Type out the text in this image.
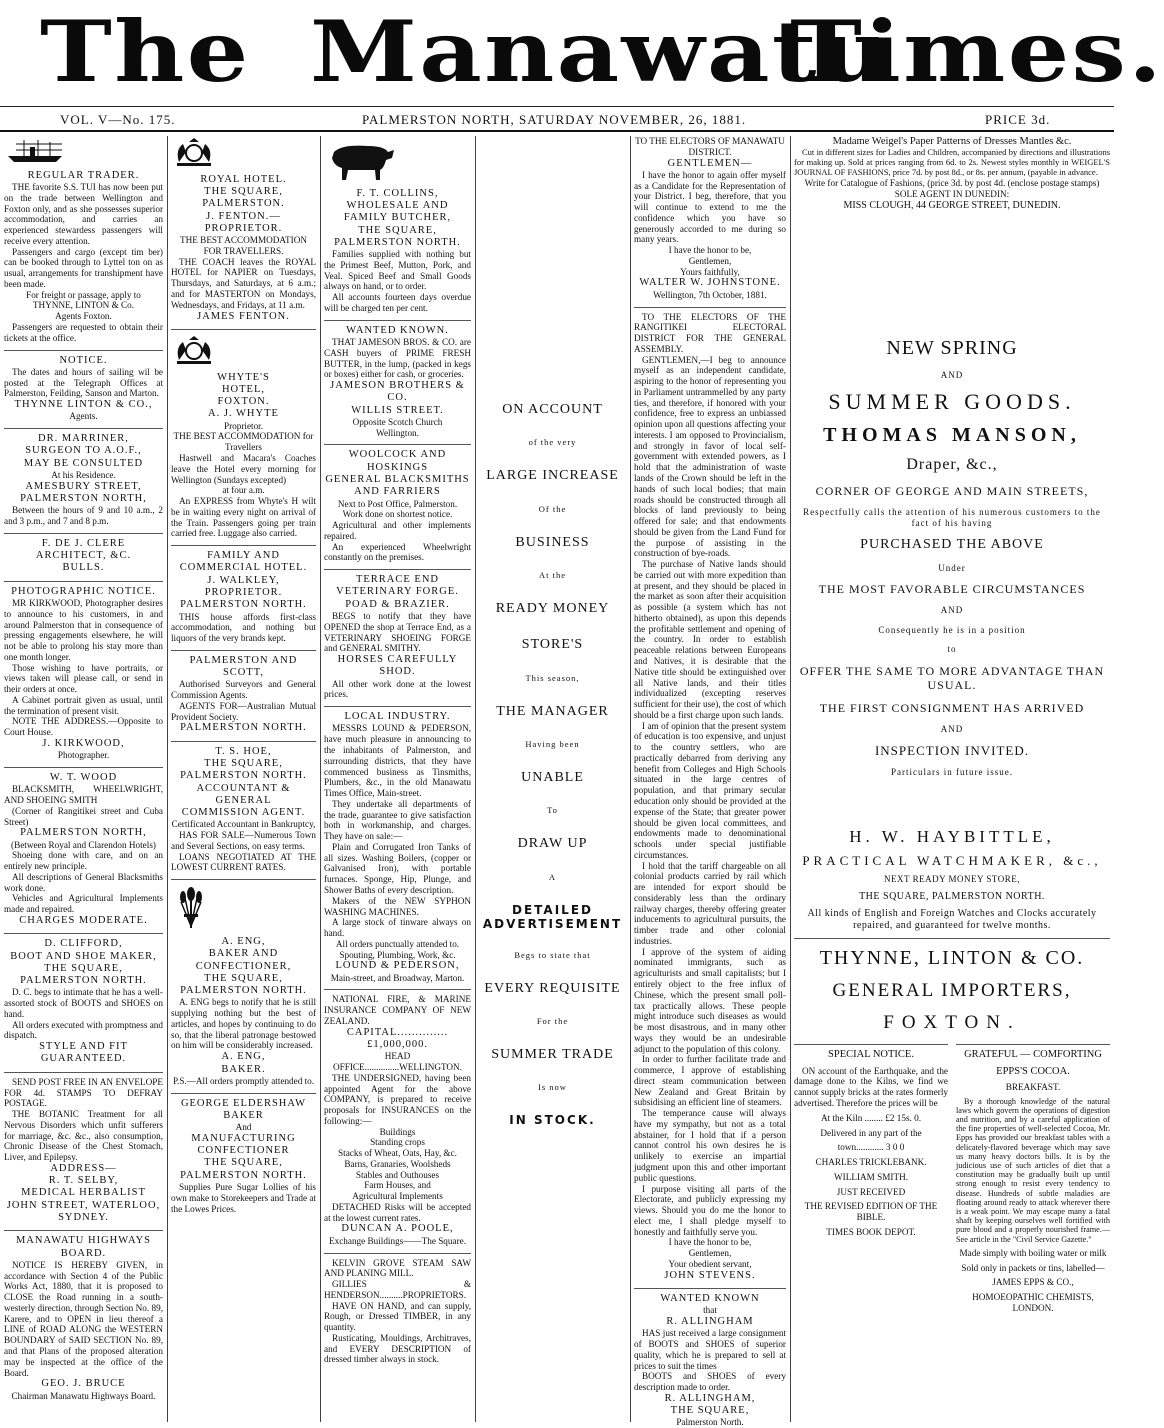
The Manawatu
Times.
VOL. V—No. 175.	PALMERSTON NORTH, SATURDAY NOVEMBER, 26, 1881.	PRICE 3d.
REGULAR TRADER.
THE favorite S.S. TUI has now been put on the trade between Wellington and Foxton only, and as she possesses superior accommodation, and carries an experienced stewardess passengers will receive every attention.
Passengers and cargo (except tim ber) can be booked through to Lyttel ton on as usual, arrangements for transhipment have been made.
For freight or passage, apply to
THYNNE, LINTON & Co.
Agents Foxton.
Passengers are requested to obtain their tickets at the office.
NOTICE.
The dates and hours of sailing wil be posted at the Telegraph Offices at Palmerston, Feilding, Sanson and Marton.
THYNNE LINTON & CO.,
Agents.
DR. MARRINER,
SURGEON TO A.O.F.,
MAY BE CONSULTED
At his Residence.
AMESBURY STREET,
PALMERSTON NORTH,
Between the hours of 9 and 10 a.m., 2 and 3 p.m., and 7 and 8 p.m.
F. DE J. CLERE
ARCHITECT, &C.
BULLS.
PHOTOGRAPHIC NOTICE.
MR KIRKWOOD, Photographer desires to announce to his customers, in and around Palmerston that in consequence of pressing engagements elsewhere, he will not be able to prolong his stay more than one month longer.
Those wishing to have portraits, or views taken will please call, or send in their orders at once.
A Cabinet portrait given as usual, until the termination of present visit.
NOTE THE ADDRESS.—Opposite to Court House.
J. KIRKWOOD,
Photographer.
W. T. WOOD
BLACKSMITH, WHEELWRIGHT, AND SHOEING SMITH
(Corner of Rangitikei street and Cuba Street)
PALMERSTON NORTH,
(Between Royal and Clarendon Hotels)
Shoeing done with care, and on an entirely new principle.
All descriptions of General Blacksmiths work done.
Vehicles and Agricultural Implements made and repaired.
CHARGES MODERATE.
D. CLIFFORD,
BOOT AND SHOE MAKER,
THE SQUARE,
PALMERSTON NORTH.
D. C. begs to intimate that he has a well-assorted stock of BOOTS and SHOES on hand.
All orders executed with promptness and dispatch.
STYLE AND FIT GUARANTEED.
SEND POST FREE IN AN ENVELOPE FOR 4d. STAMPS TO DEFRAY POSTAGE.
THE BOTANIC Treatment for all Nervous Disorders which unfit sufferers for marriage, &c. &c., also consumption, Chronic Disease of the Chest Stomach, Liver, and Epilepsy.
ADDRESS—
R. T. SELBY,
MEDICAL HERBALIST
JOHN STREET, WATERLOO, SYDNEY.
MANAWATU HIGHWAYS BOARD.
NOTICE IS HEREBY GIVEN, in accordance with Section 4 of the Public Works Act, 1880, that it is proposed to CLOSE the Road running in a south-westerly direction, through Section No. 89, Karere, and to OPEN in lieu thereof a LINE of ROAD ALONG the WESTERN BOUNDARY of SAID SECTION No. 89, and that Plans of the proposed alteration may be inspected at the office of the Board.
GEO. J. BRUCE
Chairman Manawatu Highways Board.
ROYAL HOTEL.
THE SQUARE,
PALMERSTON.
J. FENTON.—PROPRIETOR.
THE BEST ACCOMMODATION FOR TRAVELLERS.
THE COACH leaves the ROYAL HOTEL for NAPIER on Tuesdays, Thursdays, and Saturdays, at 6 a.m.; and for MASTERTON on Mondays, Wednesdays, and Fridays, at 11 a.m.
JAMES FENTON.
WHYTE'S
HOTEL,
FOXTON.
A. J. WHYTE
Proprietor.
THE BEST ACCOMMODATION for Travellers
Hastwell and Macara's Coaches leave the Hotel every morning for Wellington (Sundays excepted)
at four a.m.
An EXPRESS from Whyte's H wilt be in waiting every night on arrival of the Train. Passengers going per train carried free. Luggage also carried.
FAMILY AND
COMMERCIAL HOTEL.
J. WALKLEY,
PROPRIETOR.
PALMERSTON NORTH.
THIS house affords first-class accommodation, and nothing but liquors of the very brands kept.
PALMERSTON AND SCOTT,
Authorised Surveyors and General Commission Agents.
AGENTS FOR—Australian Mutual Provident Society.
PALMERSTON NORTH.
T. S. HOE,
THE SQUARE,
PALMERSTON NORTH.
ACCOUNTANT & GENERAL
COMMISSION AGENT.
Certificated Accountant in Bankruptcy,
HAS FOR SALE—Numerous Town and Several Sections, on easy terms.
LOANS NEGOTIATED AT THE LOWEST CURRENT RATES.
A. ENG,
BAKER AND CONFECTIONER,
THE SQUARE, PALMERSTON NORTH.
A. ENG begs to notify that he is still supplying nothing but the best of articles, and hopes by continuing to do so, that the liberal patronage bestowed on him will be considerably increased.
A. ENG,
BAKER.
P.S.—All orders promptly attended to.
GEORGE ELDERSHAW
BAKER
And
MANUFACTURING CONFECTIONER
THE SQUARE, PALMERSTON NORTH.
Supplies Pure Sugar Lollies of his own make to Storekeepers and Trade at the Lowes Prices.
F. T. COLLINS,
WHOLESALE AND FAMILY BUTCHER,
THE SQUARE,
PALMERSTON NORTH.
Families supplied with nothing but the Primest Beef, Mutton, Pork, and Veal. Spiced Beef and Small Goods always on hand, or to order.
All accounts fourteen days overdue will be charged ten per cent.
WANTED KNOWN.
THAT JAMESON BROS. & CO. are CASH buyers of PRIME FRESH BUTTER, in the lump, (packed in kegs or boxes) either for cash, or groceries.
JAMESON BROTHERS & CO.
WILLIS STREET.
Opposite Scotch Church
Wellington.
WOOLCOCK AND HOSKINGS
GENERAL BLACKSMITHS AND FARRIERS
Next to Post Office, Palmerston.
Work done on shortest notice.
Agricultural and other implements repaired.
An experienced Wheelwright constantly on the premises.
TERRACE END VETERINARY FORGE.
POAD & BRAZIER.
BEGS to notify that they have OPENED the shop at Terrace End, as a VETERINARY SHOEING FORGE and GENERAL SMITHY.
HORSES CAREFULLY SHOD.
All other work done at the lowest prices.
LOCAL INDUSTRY.
MESSRS LOUND & PEDERSON, have much pleasure in announcing to the inhabitants of Palmerston, and surrounding districts, that they have commenced business as Tinsmiths, Plumbers, &c., in the old Manawatu Times Office, Main-street.
They undertake all departments of the trade, guarantee to give satisfaction both in workmanship, and charges. They have on sale:—
Plain and Corrugated Iron Tanks of all sizes. Washing Boilers, (copper or Galvanised Iron), with portable furnaces. Sponge, Hip, Plunge, and Shower Baths of every description.
Makers of the NEW SYPHON WASHING MACHINES.
A large stock of tinware always on hand.
All orders punctually attended to.
Spouting, Plumbing, Work, &c.
LOUND & PEDERSON,
Main-street, and Broadway, Marton.
NATIONAL FIRE, & MARINE INSURANCE COMPANY OF NEW ZEALAND.
CAPITAL..............£1,000,000.
HEAD OFFICE...............WELLINGTON.
THE UNDERSIGNED, having been appointed Agent for the above COMPANY, is prepared to receive proposals for INSURANCES on the following:—
Buildings
Standing crops
Stacks of Wheat, Oats, Hay, &c.
Barns, Granaries, Woolsheds
Stables and Outhouses
Farm Houses, and
Agricultural Implements
DETACHED Risks will be accepted at the lowest current rates.
DUNCAN A. POOLE,
Exchange Buildings——The Square.
KELVIN GROVE STEAM SAW AND PLANING MILL.
GILLIES & HENDERSON..........PROPRIETORS.
HAVE ON HAND, and can supply, Rough, or Dressed TIMBER, in any quantity.
Rusticating, Mouldings, Architraves, and EVERY DESCRIPTION of dressed timber always in stock.
ON ACCOUNT
of the very
LARGE INCREASE
Of the
BUSINESS
At the
READY MONEY
STORE'S
This season,
THE MANAGER
Having been
UNABLE
To
DRAW UP
A
DETAILED ADVERTISEMENT
Begs to state that
EVERY REQUISITE
For the
SUMMER TRADE
Is now
IN STOCK.
TO THE ELECTORS OF MANAWATU DISTRICT.
GENTLEMEN—
I have the honor to again offer myself as a Candidate for the Representation of your District. I beg, therefore, that you will continue to extend to me the confidence which you have so generously accorded to me during so many years.
I have the honor to be,
Gentlemen,
Yours faithfully,
WALTER W. JOHNSTONE.
Wellington, 7th October, 1881.
TO THE ELECTORS OF THE RANGITIKEI ELECTORAL DISTRICT FOR THE GENERAL ASSEMBLY.
GENTLEMEN,—I beg to announce myself as an independent candidate, aspiring to the honor of representing you in Parliament untrammelled by any party ties, and therefore, if honored with your confidence, free to express an unbiassed opinion upon all questions affecting your interests. I am opposed to Provincialism, and strongly in favor of local self-government with extended powers, as I hold that the administration of waste lands of the Crown should be left in the hands of such local bodies; that main roads should be constructed through all blocks of land previously to being offered for sale; and that endowments should be given from the Land Fund for the purpose of assisting in the construction of bye-roads.
The purchase of Native lands should be carried out with more expedition than at present, and they should be placed in the market as soon after their acquisition as possible (a system which has not hitherto obtained), as upon this depends the profitable settlement and opening of the country. In order to establish peaceable relations between Europeans and Natives, it is desirable that the Native title should be extinguished over all Native lands, and their titles individualized (excepting reserves sufficient for their use), the cost of which should be a first charge upon such lands.
I am of opinion that the present system of education is too expensive, and unjust to the country settlers, who are practically debarred from deriving any benefit from Colleges and High Schools situated in the large centres of population, and that primary secular education only should be provided at the expense of the State; that greater power should be given local committees, and endowments made to denominational schools under special justifiable circumstances.
I hold that the tariff chargeable on all colonial products carried by rail which are intended for export should be considerably less than the ordinary railway charges, thereby offering greater inducements to agricultural pursuits, the timber trade and other colonial industries.
I approve of the system of aiding nominated immigrants, such as agriculturists and small capitalists; but I entirely object to the free influx of Chinese, which the present small poll-tax practically allows. These people might introduce such diseases as would be most disastrous, and in many other ways they would be an undesirable adjunct to the population of this colony.
In order to further facilitate trade and commerce, I approve of establishing direct steam communication between New Zealand and Great Britain by subsidising an efficient line of steamers.
The temperance cause will always have my sympathy, but not as a total abstainer, for I hold that if a person cannot control his own desires he is unlikely to exercise an impartial judgment upon this and other important public questions.
I purpose visiting all parts of the Electorate, and publicly expressing my views. Should you do me the honor to elect me, I shall pledge myself to honestly and faithfully serve you.
I have the honor to be,
Gentlemen,
Your obedient servant,
JOHN STEVENS.
WANTED KNOWN
that
R. ALLINGHAM
HAS just received a large consignment of BOOTS and SHOES of superior quality, which he is prepared to sell at prices to suit the times
BOOTS and SHOES of every description made to order.
R. ALLINGHAM,
THE SQUARE,
Palmerston North.
Madame Weigel's Paper Patterns of Dresses Mantles &c.
Cut in different sizes for Ladies and Children, accompanied by directions and illustrations for making up. Sold at prices ranging from 6d. to 2s. Newest styles monthly in WEIGEL'S JOURNAL OF FASHIONS, price 7d. by post 8d., or 8s. per annum, (payable in advance.
Write for Catalogue of Fashions, (price 3d. by post 4d. (enclose postage stamps)
SOLE AGENT IN DUNEDIN:
MISS CLOUGH, 44 GEORGE STREET, DUNEDIN.
NEW SPRING
AND
SUMMER GOODS.
THOMAS MANSON,
Draper, &c.,
CORNER OF GEORGE AND MAIN STREETS,
Respectfully calls the attention of his numerous customers to the fact of his having
PURCHASED THE ABOVE
Under
THE MOST FAVORABLE CIRCUMSTANCES
AND
Consequently he is in a position
to
OFFER THE SAME TO MORE ADVANTAGE THAN USUAL.
THE FIRST CONSIGNMENT HAS ARRIVED
AND
INSPECTION INVITED.
Particulars in future issue.
H. W. HAYBITTLE,
PRACTICAL WATCHMAKER, &c.,
NEXT READY MONEY STORE,
THE SQUARE, PALMERSTON NORTH.
All kinds of English and Foreign Watches and Clocks accurately repaired, and guaranteed for twelve months.
THYNNE, LINTON & CO.
GENERAL IMPORTERS,
FOXTON.
SPECIAL NOTICE.
ON account of the Earthquake, and the damage done to the Kilns, we find we cannot supply bricks at the rates formerly advertised. Therefore the prices will be
At the Kiln ........ £2 15s. 0.
Delivered in any part of the
town............ 3 0 0
CHARLES TRICKLEBANK.
WILLIAM SMITH.
JUST RECEIVED
THE REVISED EDITION OF THE BIBLE.
TIMES BOOK DEPOT.
GRATEFUL — COMFORTING
EPPS'S COCOA.
BREAKFAST.
By a thorough knowledge of the natural laws which govern the operations of digestion and nutrition, and by a careful application of the fine properties of well-selected Cocoa, Mr. Epps has provided our breakfast tables with a delicately-flavored beverage which may save us many heavy doctors bills. It is by the judicious use of such articles of diet that a constitution may be gradually built up until strong enough to resist every tendency to disease. Hundreds of subtle maladies are floating around ready to attack wherever there is a weak point. We may escape many a fatal shaft by keeping ourselves well fortified with pure blood and a properly nourished frame.—See article in the "Civil Service Gazette."
Made simply with boiling water or milk
Sold only in packets or tins, labelled—
JAMES EPPS & CO.,
HOMOEOPATHIC CHEMISTS, LONDON.
